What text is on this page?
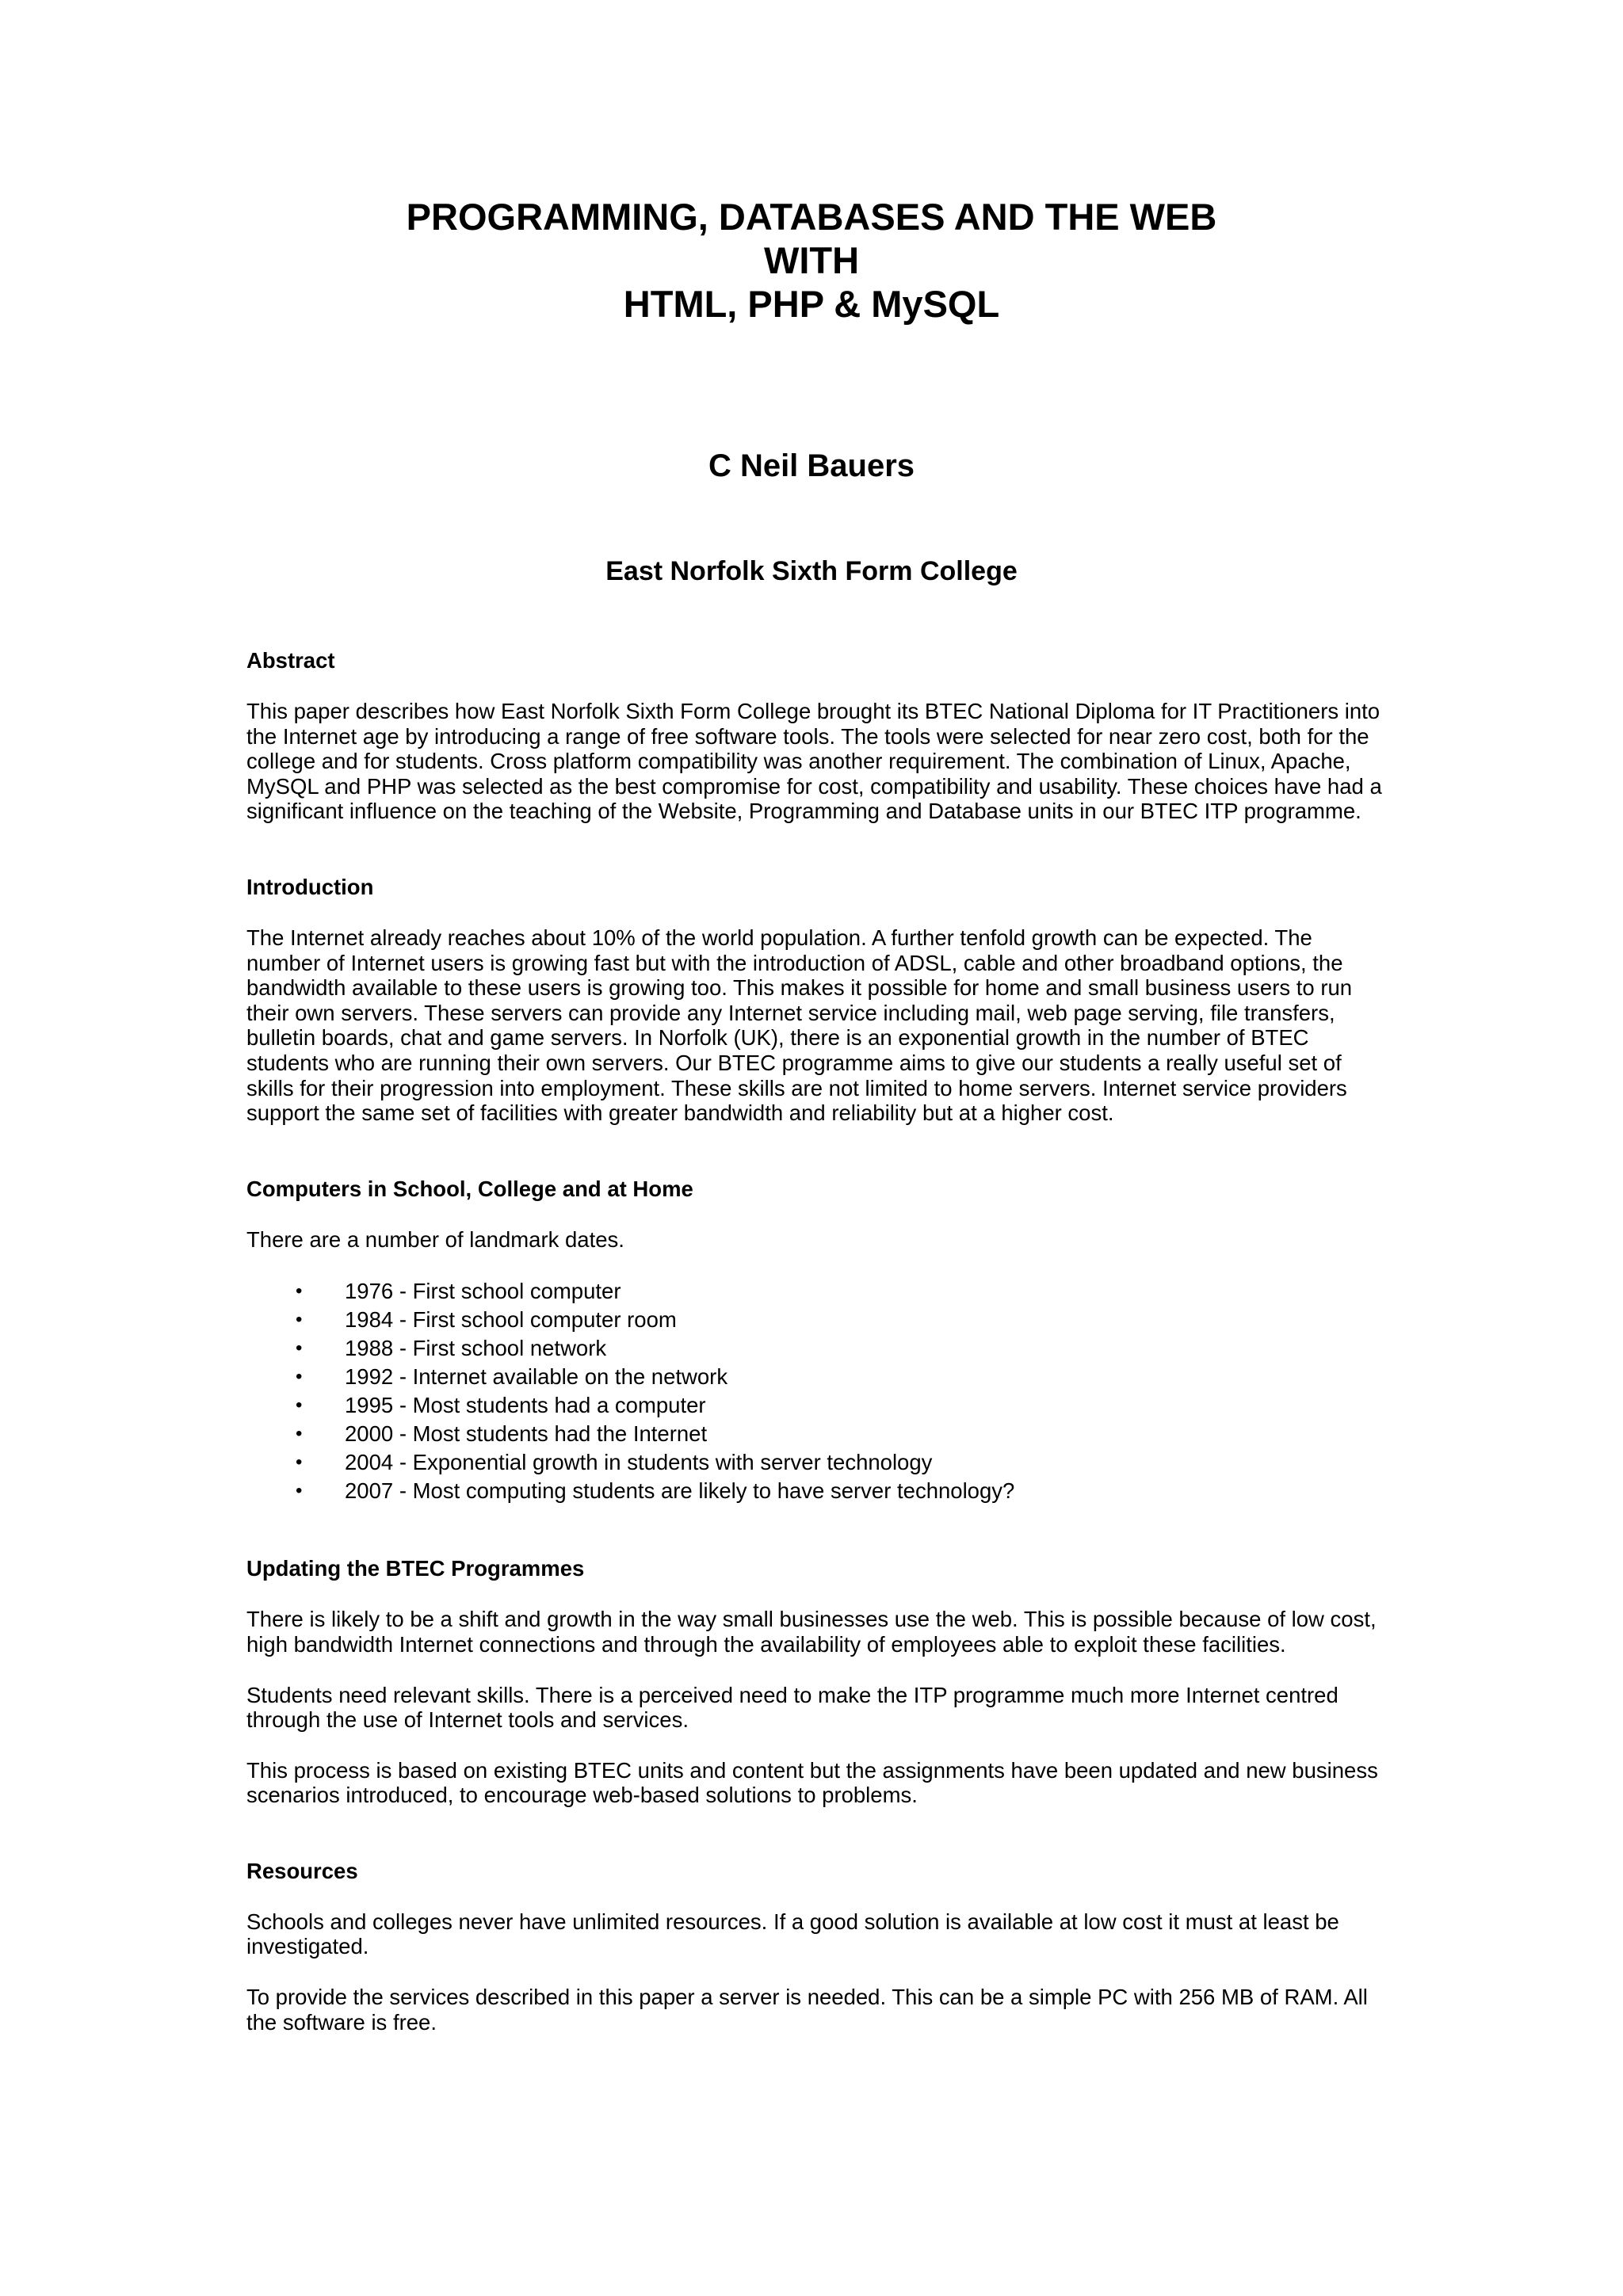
PROGRAMMING, DATABASES AND THE WEB
WITH
HTML, PHP & MySQL
C Neil Bauers
East Norfolk Sixth Form College
Abstract

This paper describes how East Norfolk Sixth Form College brought its BTEC National Diploma for IT Practitioners into the Internet age by introducing a range of free software tools. The tools were selected for near zero cost, both for the college and for students. Cross platform compatibility was another requirement. The combination of Linux, Apache, MySQL and PHP was selected as the best compromise for cost, compatibility and usability. These choices have had a significant influence on the teaching of the Website, Programming and Database units in our BTEC ITP programme.

Introduction

The Internet already reaches about 10% of the world population. A further tenfold growth can be expected. The number of Internet users is growing fast but with the introduction of ADSL, cable and other broadband options, the bandwidth available to these users is growing too. This makes it possible for home and small business users to run their own servers. These servers can provide any Internet service including mail, web page serving, file transfers, bulletin boards, chat and game servers. In Norfolk (UK), there is an exponential growth in the number of BTEC students who are running their own servers. Our BTEC programme aims to give our students a really useful set of skills for their progression into employment. These skills are not limited to home servers. Internet service providers support the same set of facilities with greater bandwidth and reliability but at a higher cost.

Computers in School, College and at Home

There are a number of landmark dates.

• 1976 - First school computer
• 1984 - First school computer room
• 1988 - First school network
• 1992 - Internet available on the network
• 1995 - Most students had a computer
• 2000 - Most students had the Internet
• 2004 - Exponential growth in students with server technology
• 2007 - Most computing students are likely to have server technology?
Updating the BTEC Programmes

There is likely to be a shift and growth in the way small businesses use the web. This is possible because of low cost, high bandwidth Internet connections and through the availability of employees able to exploit these facilities.

Students need relevant skills. There is a perceived need to make the ITP programme much more Internet centred through the use of Internet tools and services.

This process is based on existing BTEC units and content but the assignments have been updated and new business scenarios introduced, to encourage web-based solutions to problems.

Resources

Schools and colleges never have unlimited resources. If a good solution is available at low cost it must at least be investigated.

To provide the services described in this paper a server is needed. This can be a simple PC with 256 MB of RAM. All the software is free.
